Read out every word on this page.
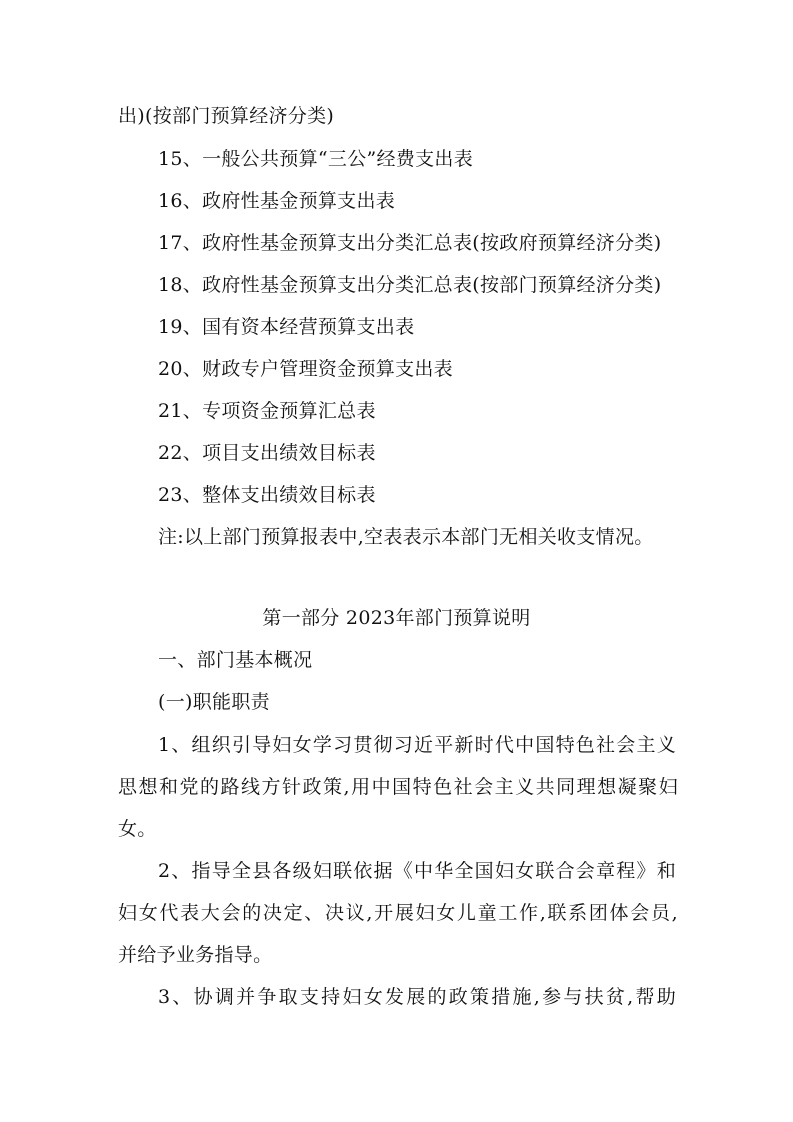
出)(按部门预算经济分类)
15、一般公共预算“三公”经费支出表
16、政府性基金预算支出表
17、政府性基金预算支出分类汇总表(按政府预算经济分类)
18、政府性基金预算支出分类汇总表(按部门预算经济分类)
19、国有资本经营预算支出表
20、财政专户管理资金预算支出表
21、专项资金预算汇总表
22、项目支出绩效目标表
23、整体支出绩效目标表
注:以上部门预算报表中,空表表示本部门无相关收支情况。
第一部分 2023年部门预算说明
一、部门基本概况
(一)职能职责
1、组织引导妇女学习贯彻习近平新时代中国特色社会主义
思想和党的路线方针政策,用中国特色社会主义共同理想凝聚妇
女。
2、指导全县各级妇联依据《中华全国妇女联合会章程》和
妇女代表大会的决定、决议,开展妇女儿童工作,联系团体会员,
并给予业务指导。
3、协调并争取支持妇女发展的政策措施,参与扶贫,帮助
